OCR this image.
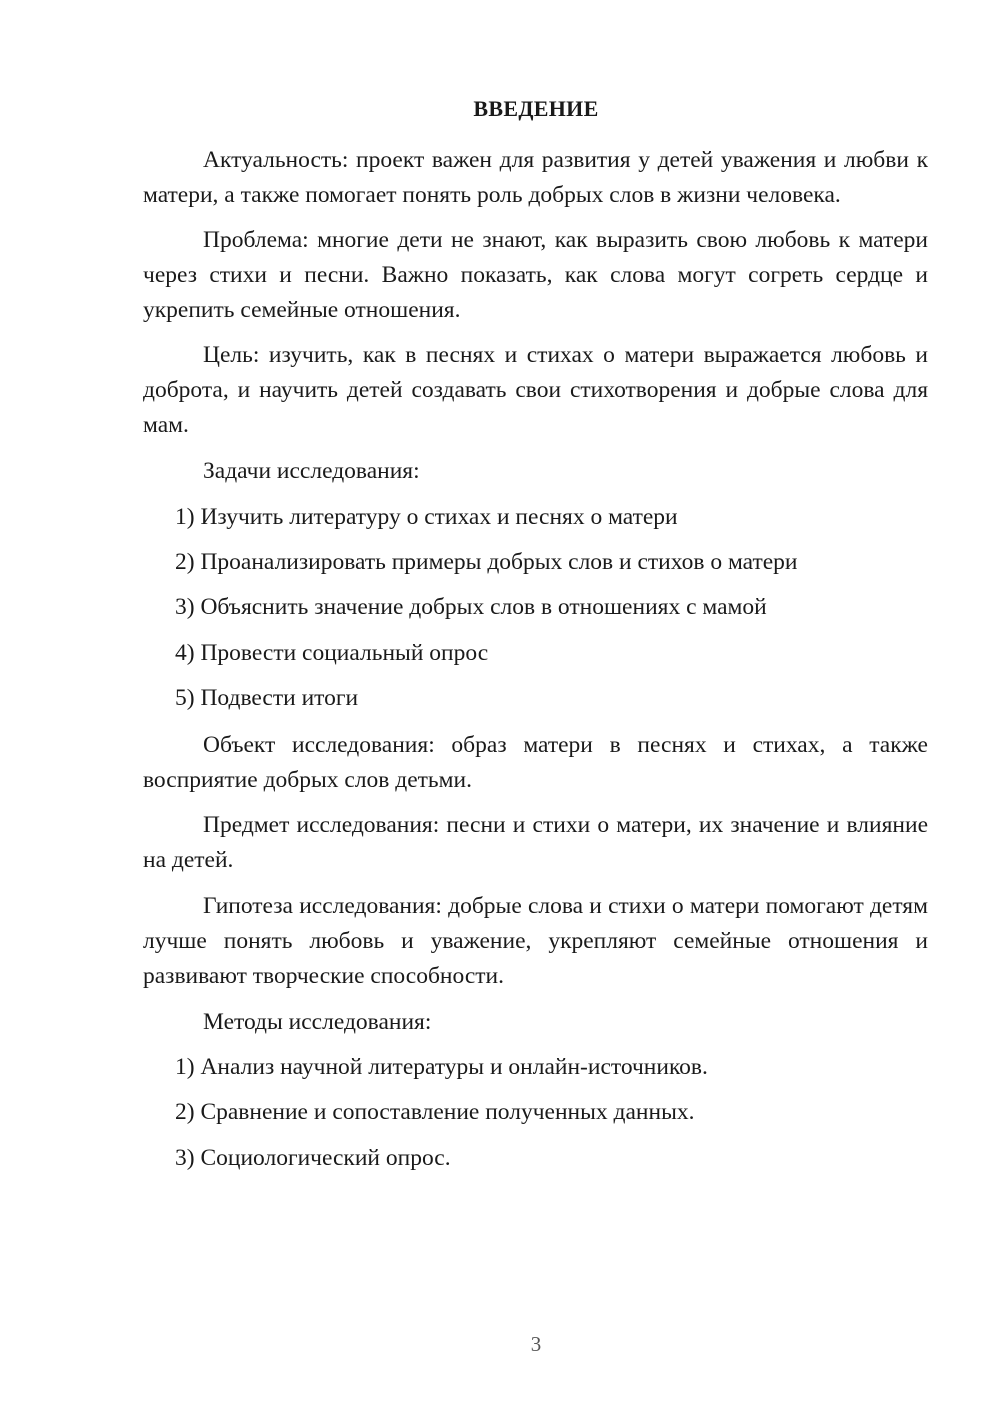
ВВЕДЕНИЕ
Актуальность: проект важен для развития у детей уважения и любви к матери, а также помогает понять роль добрых слов в жизни человека.
Проблема: многие дети не знают, как выразить свою любовь к матери через стихи и песни. Важно показать, как слова могут согреть сердце и укрепить семейные отношения.
Цель: изучить, как в песнях и стихах о матери выражается любовь и доброта, и научить детей создавать свои стихотворения и добрые слова для мам.
Задачи исследования:
1) Изучить литературу о стихах и песнях о матери
2) Проанализировать примеры добрых слов и стихов о матери
3) Объяснить значение добрых слов в отношениях с мамой
4) Провести социальный опрос
5) Подвести итоги
Объект исследования: образ матери в песнях и стихах, а также восприятие добрых слов детьми.
Предмет исследования: песни и стихи о матери, их значение и влияние на детей.
Гипотеза исследования: добрые слова и стихи о матери помогают детям лучше понять любовь и уважение, укрепляют семейные отношения и развивают творческие способности.
Методы исследования:
1) Анализ научной литературы и онлайн-источников.
2) Сравнение и сопоставление полученных данных.
3) Социологический опрос.
3
